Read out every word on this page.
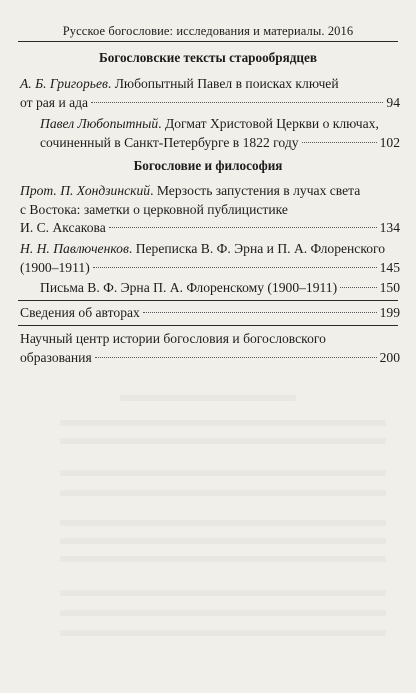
Русское богословие: исследования и материалы. 2016
Богословские тексты старообрядцев
А. Б. Григорьев. Любопытный Павел в поисках ключей
от рая и ада	94
Павел Любопытный. Догмат Христовой Церкви о ключах,
сочиненный в Санкт-Петербурге в 1822 году	102
Богословие и философия
Прот. П. Хондзинский. Мерзость запустения в лучах света
с Востока: заметки о церковной публицистике
И. С. Аксакова	134
Н. Н. Павлюченков. Переписка В. Ф. Эрна и П. А. Флоренского
(1900–1911)	145
Письма В. Ф. Эрна П. А. Флоренскому (1900–1911)	150
Сведения об авторах	199
Научный центр истории богословия и богословского
образования	200
